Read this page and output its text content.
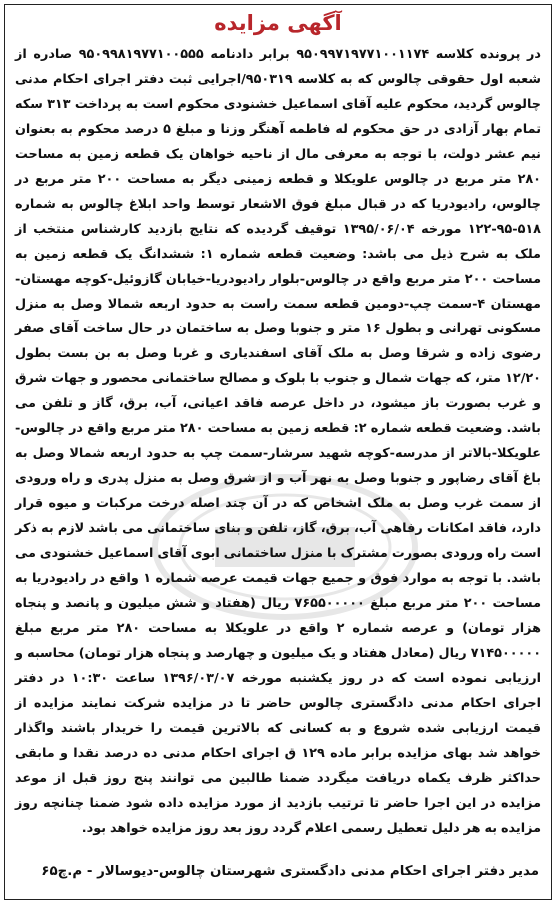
آگهی مزایده
در پرونده کلاسه ۹۵۰۹۹۷۱۹۷۷۱۰۰۱۱۷۴ برابر دادنامه ۹۵۰۹۹۸۱۹۷۷۱۰۰۵۵۵ صادره از شعبه اول حقوقی چالوس که به کلاسه ۹۵۰۳۱۹/اجرایی ثبت دفتر اجرای احکام مدنی چالوس گردید، محکوم علیه آقای اسماعیل خشنودی محکوم است به پرداخت ۳۱۳ سکه تمام بهار آزادی در حق محکوم له فاطمه آهنگر وزنا و مبلغ ۵ درصد محکوم به بعنوان نیم عشر دولت، با توجه به معرفی مال از ناحیه خواهان یک قطعه زمین به مساحت ۲۸۰ متر مربع در چالوس علویکلا و قطعه زمینی دیگر به مساحت ۲۰۰ متر مربع در چالوس، رادیودریا که در قبال مبلغ فوق الاشعار توسط واحد ابلاغ چالوس به شماره ۵۱۸-۹۵-۱۲۲ مورخه ۱۳۹۵/۰۶/۰۴ توقیف گردیده که نتایج بازدید کارشناس منتخب از ملک به شرح ذیل می باشد: وضعیت قطعه شماره ۱: ششدانگ یک قطعه زمین به مساحت ۲۰۰ متر مربع واقع در چالوس-بلوار رادیودریا-خیابان گازوئیل-کوچه مهستان-مهستان ۴-سمت چپ-دومین قطعه سمت راست به حدود اربعه شمالا وصل به منزل مسکونی تهرانی و بطول ۱۶ متر و جنوبا وصل به ساختمان در حال ساخت آقای صفر رضوی زاده و شرقا وصل به ملک آقای اسفندیاری و غربا وصل به بن بست بطول ۱۲/۲۰ متر، که جهات شمال و جنوب با بلوک و مصالح ساختمانی محصور و جهات شرق و غرب بصورت باز میشود، در داخل عرصه فاقد اعیانی، آب، برق، گاز و تلفن می باشد. وضعیت قطعه شماره ۲: قطعه زمین به مساحت ۲۸۰ متر مربع واقع در چالوس-علویکلا-بالاتر از مدرسه-کوچه شهید سرشار-سمت چپ به حدود اربعه شمالا وصل به باغ آقای رضاپور و جنوبا وصل به نهر آب و از شرق وصل به منزل پدری و راه ورودی از سمت غرب وصل به ملک اشخاص که در آن چند اصله درخت مرکبات و میوه قرار دارد، فاقد امکانات رفاهی آب، برق، گاز، تلفن و بنای ساختمانی می باشد لازم به ذکر است راه ورودی بصورت مشترک با منزل ساختمانی ابوی آقای اسماعیل خشنودی می باشد. با توجه به موارد فوق و جمیع جهات قیمت عرصه شماره ۱ واقع در رادیودریا به مساحت ۲۰۰ متر مربع مبلغ ۷۶۵۵۰۰۰۰۰ ریال (هفتاد و شش میلیون و پانصد و پنجاه هزار تومان) و عرصه شماره ۲ واقع در علویکلا به مساحت ۲۸۰ متر مربع مبلغ ۷۱۴۵۰۰۰۰۰ ریال (معادل هفتاد و یک میلیون و چهارصد و پنجاه هزار تومان) محاسبه و ارزیابی نموده است که در روز یکشنبه مورخه ۱۳۹۶/۰۳/۰۷ ساعت ۱۰:۳۰ در دفتر اجرای احکام مدنی دادگستری چالوس حاضر تا در مزایده شرکت نمایند مزایده از قیمت ارزیابی شده شروع و به کسانی که بالاترین قیمت را خریدار باشند واگذار خواهد شد بهای مزایده برابر ماده ۱۲۹ ق اجرای احکام مدنی ده درصد نقدا و مابقی حداکثر ظرف یکماه دریافت میگردد ضمنا طالبین می توانند پنج روز قبل از موعد مزایده در این اجرا حاضر تا ترتیب بازدید از مورد مزایده داده شود ضمنا چنانچه روز مزایده به هر دلیل تعطیل رسمی اعلام گردد روز بعد روز مزایده خواهد بود.
مدیر دفتر اجرای احکام مدنی دادگستری شهرستان چالوس-دیوسالار - م.چ۶۵
